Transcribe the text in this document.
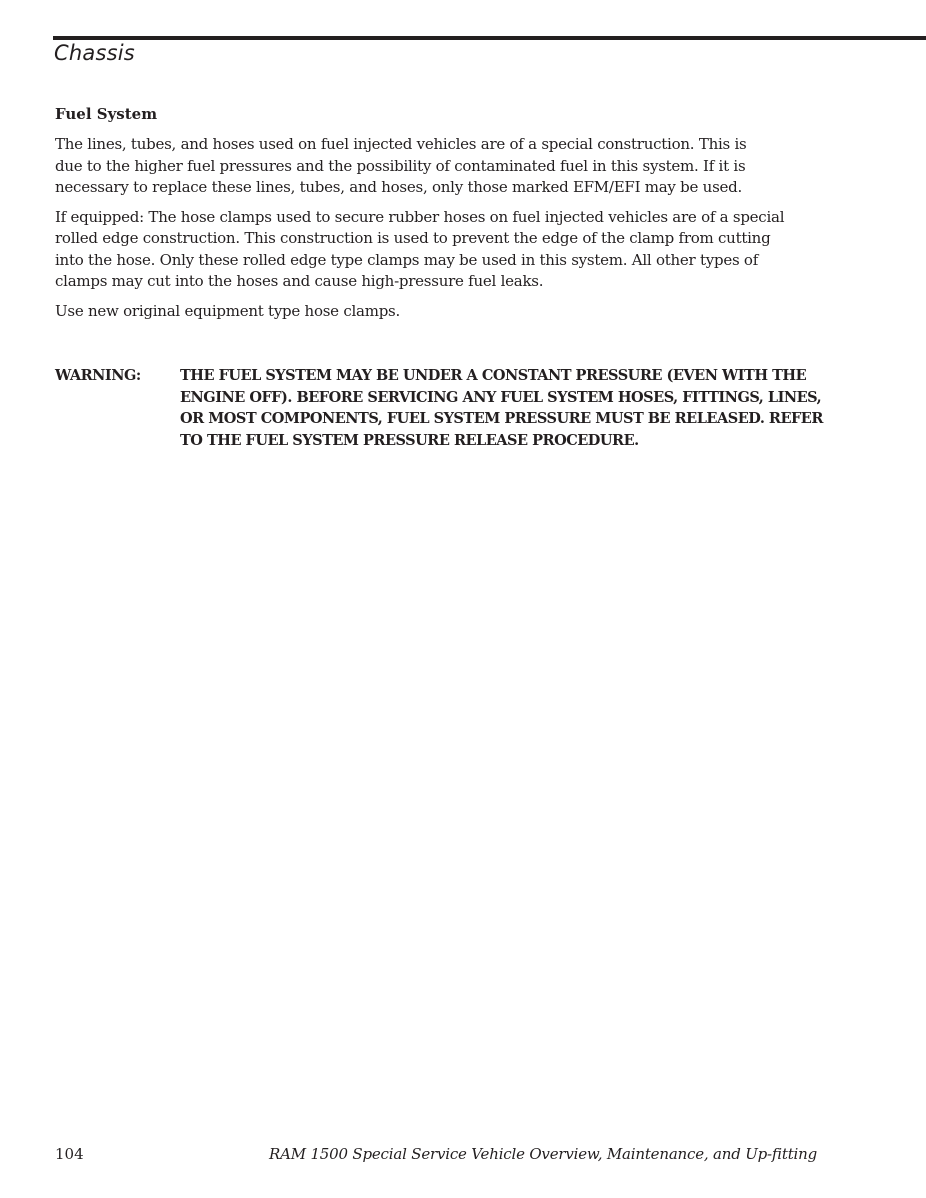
Chassis
Fuel System
The lines, tubes, and hoses used on fuel injected vehicles are of a special construction. This is
due to the higher fuel pressures and the possibility of contaminated fuel in this system. If it is
necessary to replace these lines, tubes, and hoses, only those marked EFM/EFI may be used.
If equipped: The hose clamps used to secure rubber hoses on fuel injected vehicles are of a special
rolled edge construction. This construction is used to prevent the edge of the clamp from cutting
into the hose. Only these rolled edge type clamps may be used in this system. All other types of
clamps may cut into the hoses and cause high-pressure fuel leaks.
Use new original equipment type hose clamps.
WARNING:	THE FUEL SYSTEM MAY BE UNDER A CONSTANT PRESSURE (EVEN WITH THE
ENGINE OFF). BEFORE SERVICING ANY FUEL SYSTEM HOSES, FITTINGS, LINES,
OR MOST COMPONENTS, FUEL SYSTEM PRESSURE MUST BE RELEASED. REFER
TO THE FUEL SYSTEM PRESSURE RELEASE PROCEDURE.
104	RAM 1500 Special Service Vehicle Overview, Maintenance, and Up-fitting
